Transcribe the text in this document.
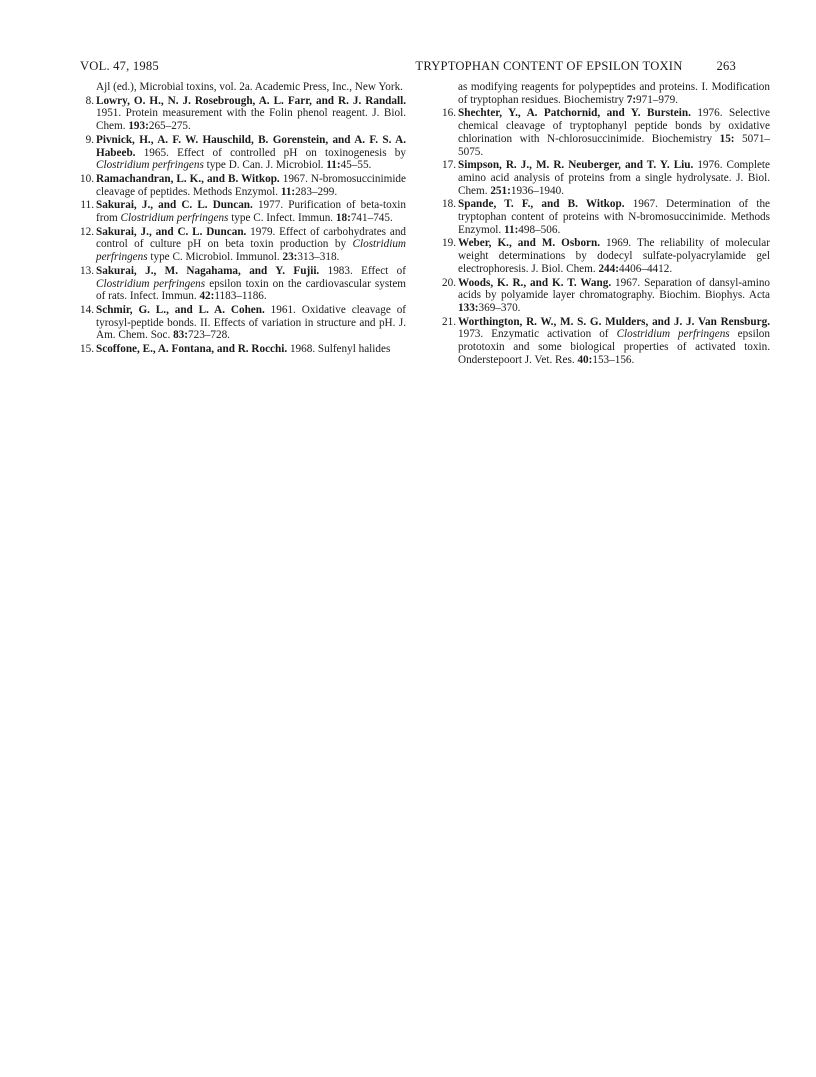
VOL. 47, 1985	TRYPTOPHAN CONTENT OF EPSILON TOXIN	263
Ajl (ed.), Microbial toxins, vol. 2a. Academic Press, Inc., New York.
8. Lowry, O. H., N. J. Rosebrough, A. L. Farr, and R. J. Randall. 1951. Protein measurement with the Folin phenol reagent. J. Biol. Chem. 193:265–275.
9. Pivnick, H., A. F. W. Hauschild, B. Gorenstein, and A. F. S. A. Habeeb. 1965. Effect of controlled pH on toxinogenesis by Clostridium perfringens type D. Can. J. Microbiol. 11:45–55.
10. Ramachandran, L. K., and B. Witkop. 1967. N-bromosuccinimide cleavage of peptides. Methods Enzymol. 11:283–299.
11. Sakurai, J., and C. L. Duncan. 1977. Purification of beta-toxin from Clostridium perfringens type C. Infect. Immun. 18:741–745.
12. Sakurai, J., and C. L. Duncan. 1979. Effect of carbohydrates and control of culture pH on beta toxin production by Clostridium perfringens type C. Microbiol. Immunol. 23:313–318.
13. Sakurai, J., M. Nagahama, and Y. Fujii. 1983. Effect of Clostridium perfringens epsilon toxin on the cardiovascular system of rats. Infect. Immun. 42:1183–1186.
14. Schmir, G. L., and L. A. Cohen. 1961. Oxidative cleavage of tyrosyl-peptide bonds. II. Effects of variation in structure and pH. J. Am. Chem. Soc. 83:723–728.
15. Scoffone, E., A. Fontana, and R. Rocchi. 1968. Sulfenyl halides
as modifying reagents for polypeptides and proteins. I. Modification of tryptophan residues. Biochemistry 7:971–979.
16. Shechter, Y., A. Patchornid, and Y. Burstein. 1976. Selective chemical cleavage of tryptophanyl peptide bonds by oxidative chlorination with N-chlorosuccinimide. Biochemistry 15: 5071–5075.
17. Simpson, R. J., M. R. Neuberger, and T. Y. Liu. 1976. Complete amino acid analysis of proteins from a single hydrolysate. J. Biol. Chem. 251:1936–1940.
18. Spande, T. F., and B. Witkop. 1967. Determination of the tryptophan content of proteins with N-bromosuccinimide. Methods Enzymol. 11:498–506.
19. Weber, K., and M. Osborn. 1969. The reliability of molecular weight determinations by dodecyl sulfate-polyacrylamide gel electrophoresis. J. Biol. Chem. 244:4406–4412.
20. Woods, K. R., and K. T. Wang. 1967. Separation of dansyl-amino acids by polyamide layer chromatography. Biochim. Biophys. Acta 133:369–370.
21. Worthington, R. W., M. S. G. Mulders, and J. J. Van Rensburg. 1973. Enzymatic activation of Clostridium perfringens epsilon prototoxin and some biological properties of activated toxin. Onderstepoort J. Vet. Res. 40:153–156.
